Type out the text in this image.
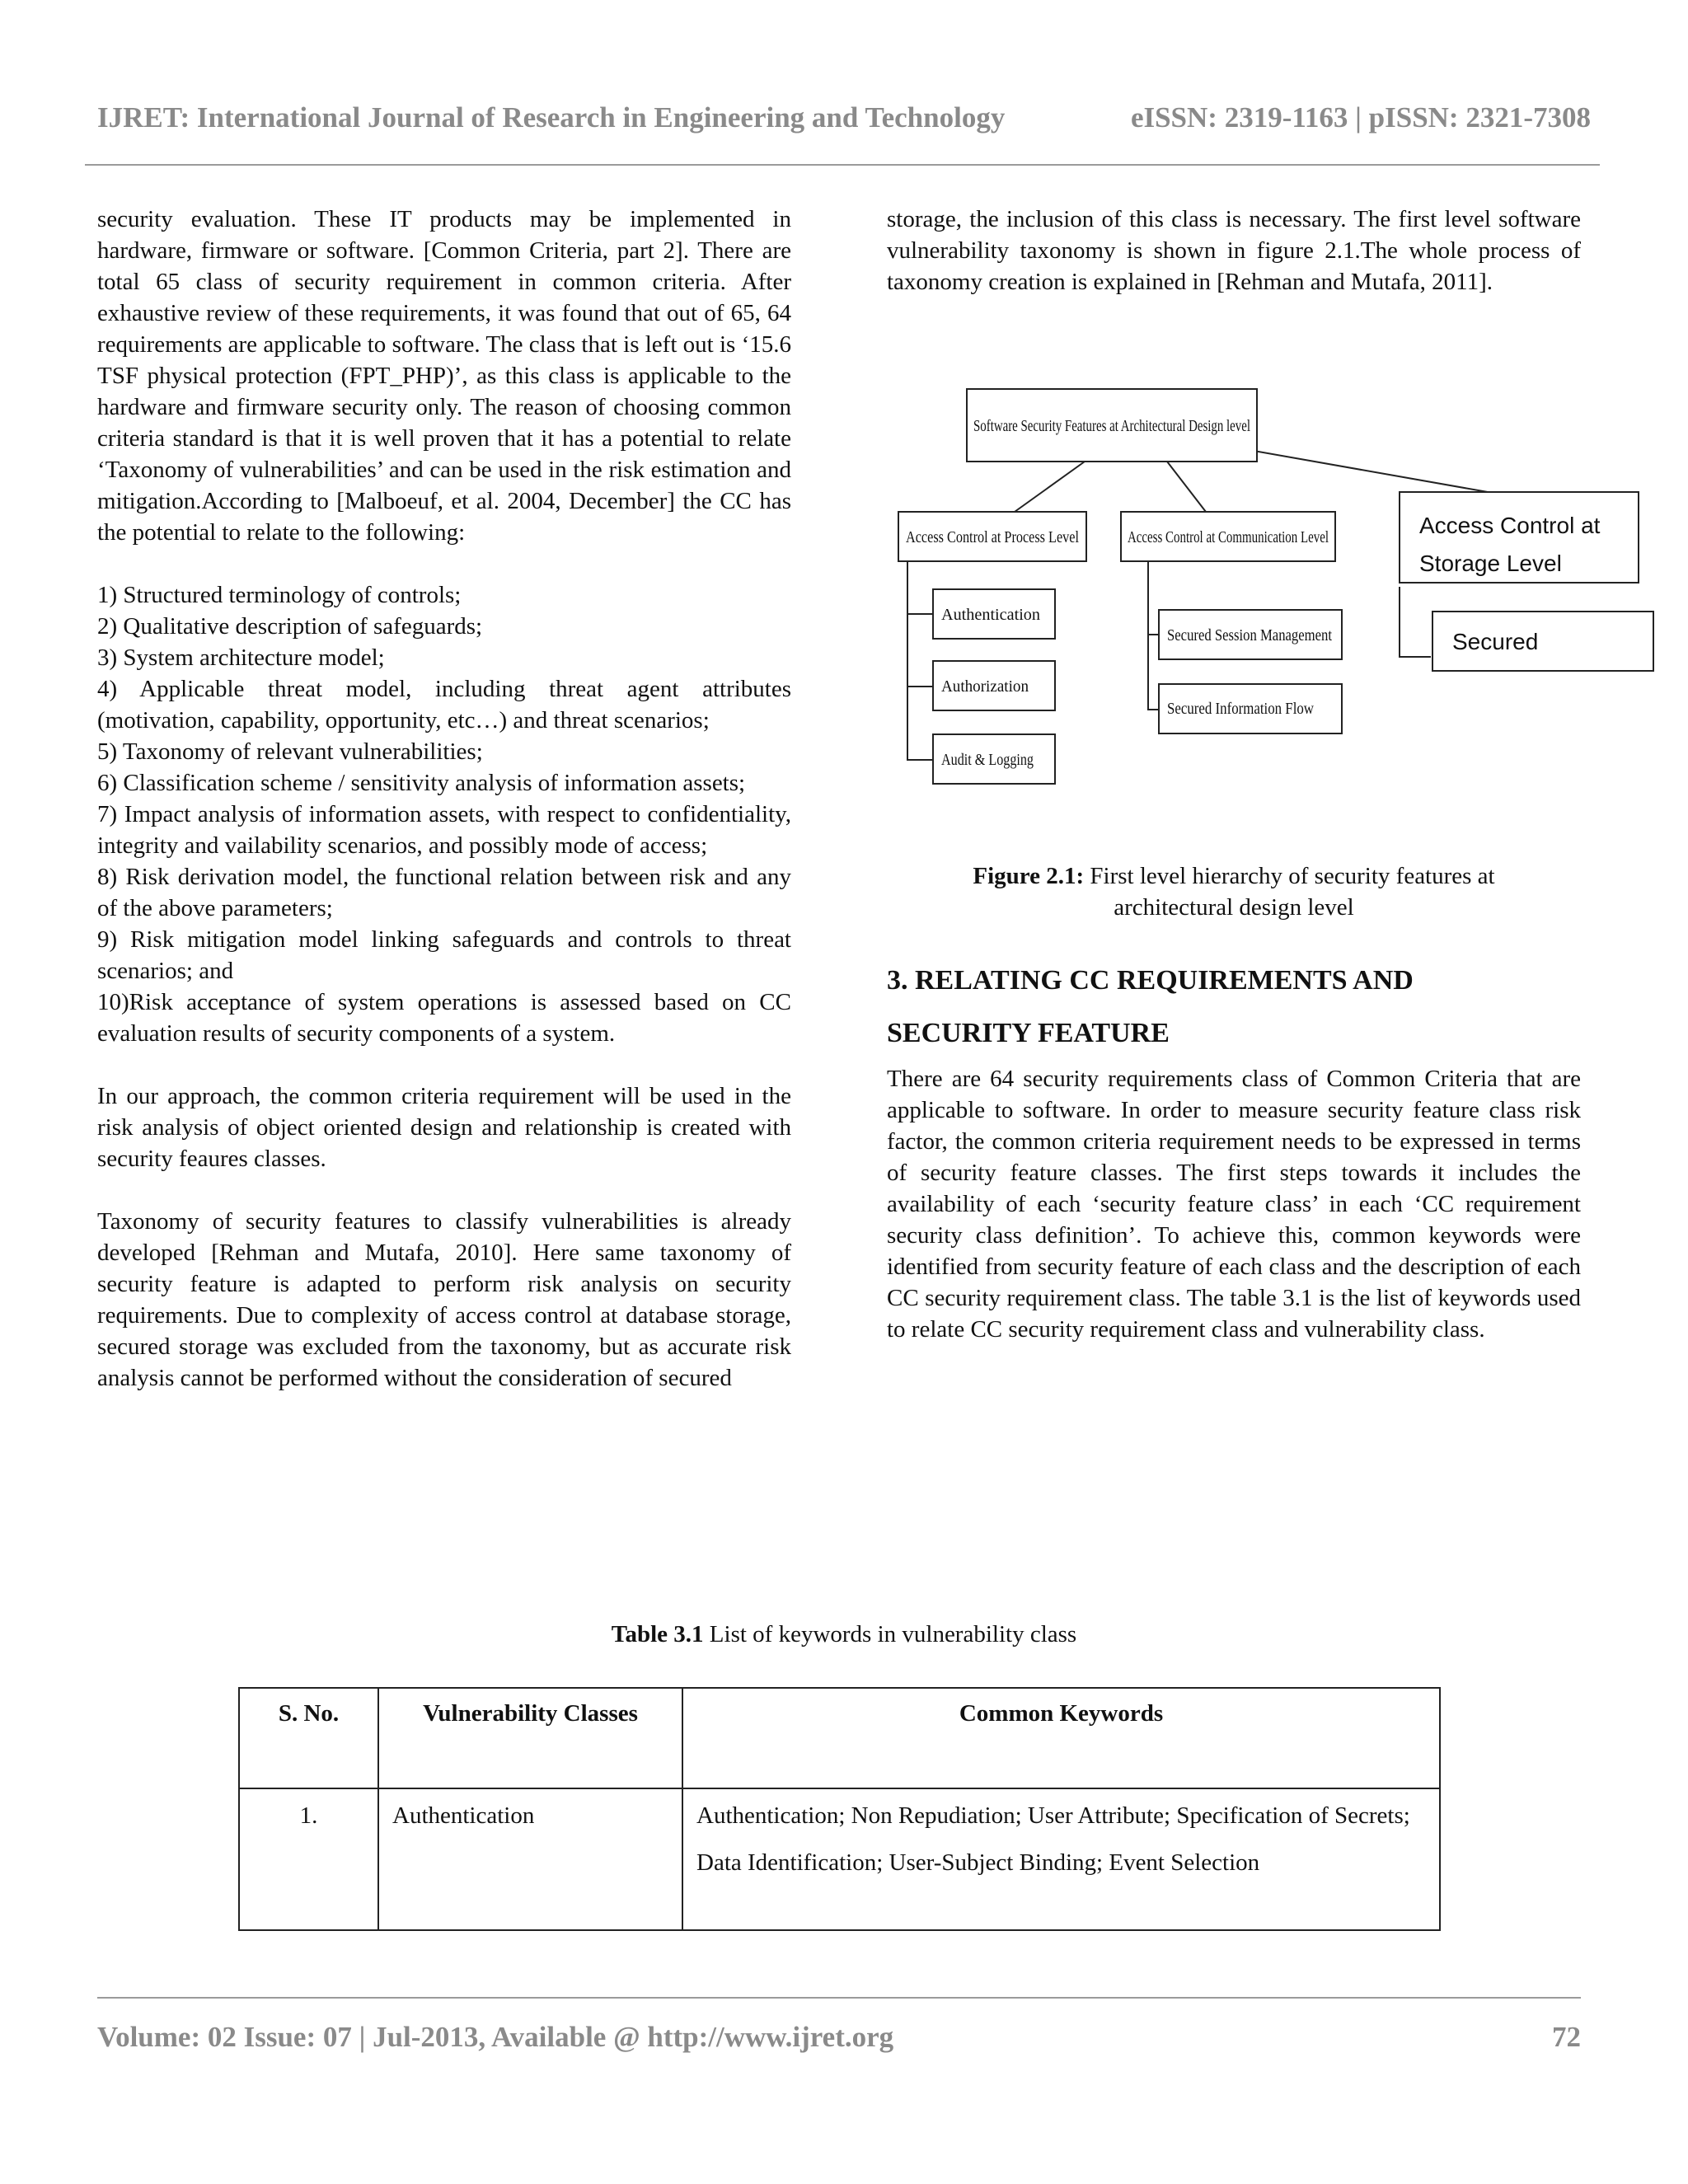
IJRET: International Journal of Research in Engineering and Technology	eISSN: 2319-1163 | pISSN: 2321-7308

security evaluation. These IT products may be implemented in hardware, firmware or software. [Common Criteria, part 2]. There are total 65 class of security requirement in common criteria. After exhaustive review of these requirements, it was found that out of 65, 64 requirements are applicable to software. The class that is left out is ‘15.6 TSF physical protection (FPT_PHP)’, as this class is applicable to the hardware and firmware security only. The reason of choosing common criteria standard is that it is well proven that it has a potential to relate ‘Taxonomy of vulnerabilities’ and can be used in the risk estimation and mitigation.According to [Malboeuf, et al. 2004, December] the CC has the potential to relate to the following:

1) Structured terminology of controls;

2) Qualitative description of safeguards;

3) System architecture model;

4) Applicable threat model, including threat agent attributes (motivation, capability, opportunity, etc…) and threat scenarios;

5) Taxonomy of relevant vulnerabilities;

6) Classification scheme / sensitivity analysis of information assets;

7) Impact analysis of information assets, with respect to confidentiality, integrity and vailability scenarios, and possibly mode of access;

8) Risk derivation model, the functional relation between risk and any of the above parameters;

9) Risk mitigation model linking safeguards and controls to threat scenarios; and

10)Risk acceptance of system operations is assessed based on CC evaluation results of security components of a system.

In our approach, the common criteria requirement will be used in the risk analysis of object oriented design and relationship is created with security feaures classes.

Taxonomy of security features to classify vulnerabilities is already developed [Rehman and Mutafa, 2010]. Here same taxonomy of security feature is adapted to perform risk analysis on security requirements. Due to complexity of access control at database storage, secured storage was excluded from the taxonomy, but as accurate risk analysis cannot be performed without the consideration of secured

storage, the inclusion of this class is necessary. The first level software vulnerability taxonomy is shown in figure 2.1.The whole process of taxonomy creation is explained in [Rehman and Mutafa, 2011].

Software Security Features at Architectural Design level
Access Control at Process Level	Access Control at Communication Level
Authentication
Authorization
Audit & Logging
Secured Session Management
Secured Information Flow
Access Control at
Storage Level
Secured
Figure 2.1: First level hierarchy of security features at
architectural design level
3. RELATING CC REQUIREMENTS AND
SECURITY FEATURE
There are 64 security requirements class of Common Criteria that are applicable to software. In order to measure security feature class risk factor, the common criteria requirement needs to be expressed in terms of security feature classes. The first steps towards it includes the availability of each ‘security feature class’ in each ‘CC requirement security class definition’. To achieve this, common keywords were identified from security feature of each class and the description of each CC security requirement class. The table 3.1 is the list of keywords used to relate CC security requirement class and vulnerability class.
Table 3.1 List of keywords in vulnerability class
S. No.	Vulnerability Classes	Common Keywords
1.	Authentication	Authentication; Non Repudiation; User Attribute; Specification of Secrets; Data Identification; User-Subject Binding; Event Selection
Volume: 02 Issue: 07 | Jul-2013, Available @ http://www.ijret.org	72
